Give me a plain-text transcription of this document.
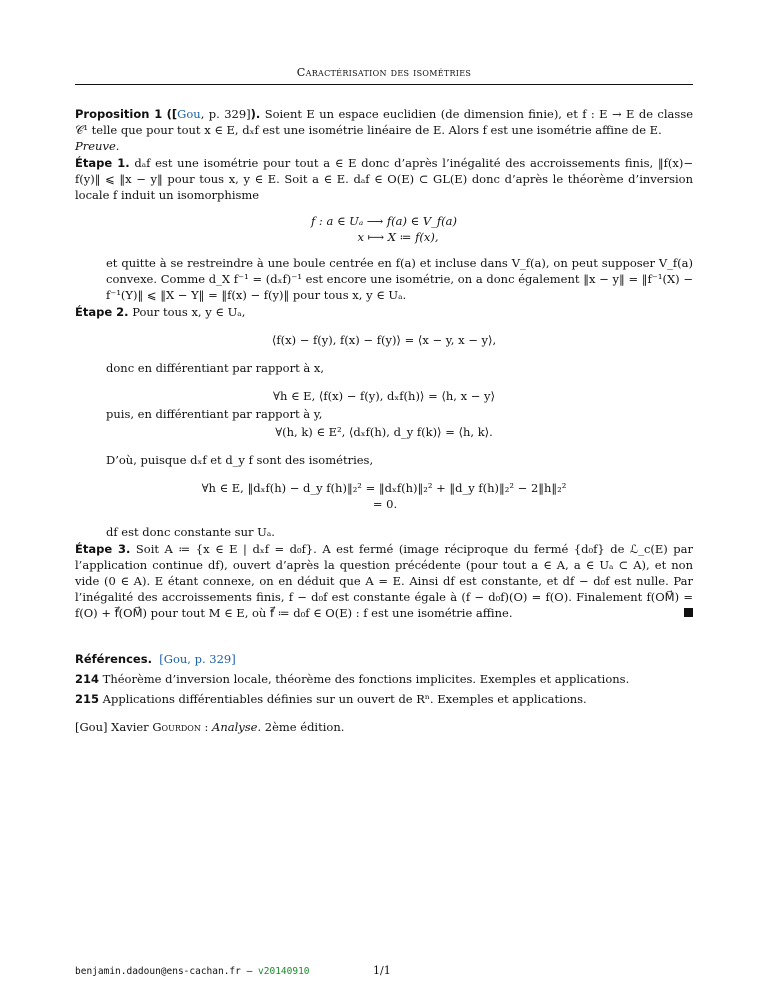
Caractérisation des isométries

Proposition 1 ([Gou, p. 329]). Soient E un espace euclidien (de dimension finie), et f : E → E de classe 𝒞¹ telle que pour tout x ∈ E, dₓf est une isométrie linéaire de E. Alors f est une isométrie affine de E.

Preuve.

Étape 1. dₐf est une isométrie pour tout a ∈ E donc d’après l’inégalité des accroissements finis, ‖f(x)− f(y)‖ ⩽ ‖x − y‖ pour tous x, y ∈ E. Soit a ∈ E. dₐf ∈ O(E) ⊂ GL(E) donc d’après le théorème d’inversion locale f induit un isomorphisme

f : a ∈ Uₐ ⟶ f(a) ∈ V_f(a)
x ⟼ X ≔ f(x),

et quitte à se restreindre à une boule centrée en f(a) et incluse dans V_f(a), on peut supposer V_f(a) convexe. Comme d_X f⁻¹ = (dₓf)⁻¹ est encore une isométrie, on a donc également ‖x − y‖ = ‖f⁻¹(X) − f⁻¹(Y)‖ ⩽ ‖X − Y‖ = ‖f(x) − f(y)‖ pour tous x, y ∈ Uₐ.

Étape 2. Pour tous x, y ∈ Uₐ,

⟨f(x) − f(y), f(x) − f(y)⟩ = ⟨x − y, x − y⟩,

donc en différentiant par rapport à x,

∀h ∈ E, ⟨f(x) − f(y), dₓf(h)⟩ = ⟨h, x − y⟩

puis, en différentiant par rapport à y,

∀(h, k) ∈ E², ⟨dₓf(h), d_y f(k)⟩ = ⟨h, k⟩.

D’où, puisque dₓf et d_y f sont des isométries,

∀h ∈ E, ‖dₓf(h) − d_y f(h)‖₂² = ‖dₓf(h)‖₂² + ‖d_y f(h)‖₂² − 2‖h‖₂²
= 0.

df est donc constante sur Uₐ.

Étape 3. Soit A ≔ {x ∈ E | dₓf = d₀f}. A est fermé (image réciproque du fermé {d₀f} de ℒ_c(E) par l’application continue df), ouvert d’après la question précédente (pour tout a ∈ A, a ∈ Uₐ ⊂ A), et non vide (0 ∈ A). E étant connexe, on en déduit que A = E. Ainsi df est constante, et df − d₀f est nulle. Par l’inégalité des accroissements finis, f − d₀f est constante égale à (f − d₀f)(O) = f(O). Finalement f(OM⃗) = f(O) + f⃗(OM⃗) pour tout M ∈ E, où f⃗ ≔ d₀f ∈ O(E) : f est une isométrie affine.

Références. [Gou, p. 329]

214 Théorème d’inversion locale, théorème des fonctions implicites. Exemples et applications.

215 Applications différentiables définies sur un ouvert de Rⁿ. Exemples et applications.

[Gou] Xavier Gourdon : Analyse. 2ème édition.

benjamin.dadoun@ens-cachan.fr – v20140910	1/1
